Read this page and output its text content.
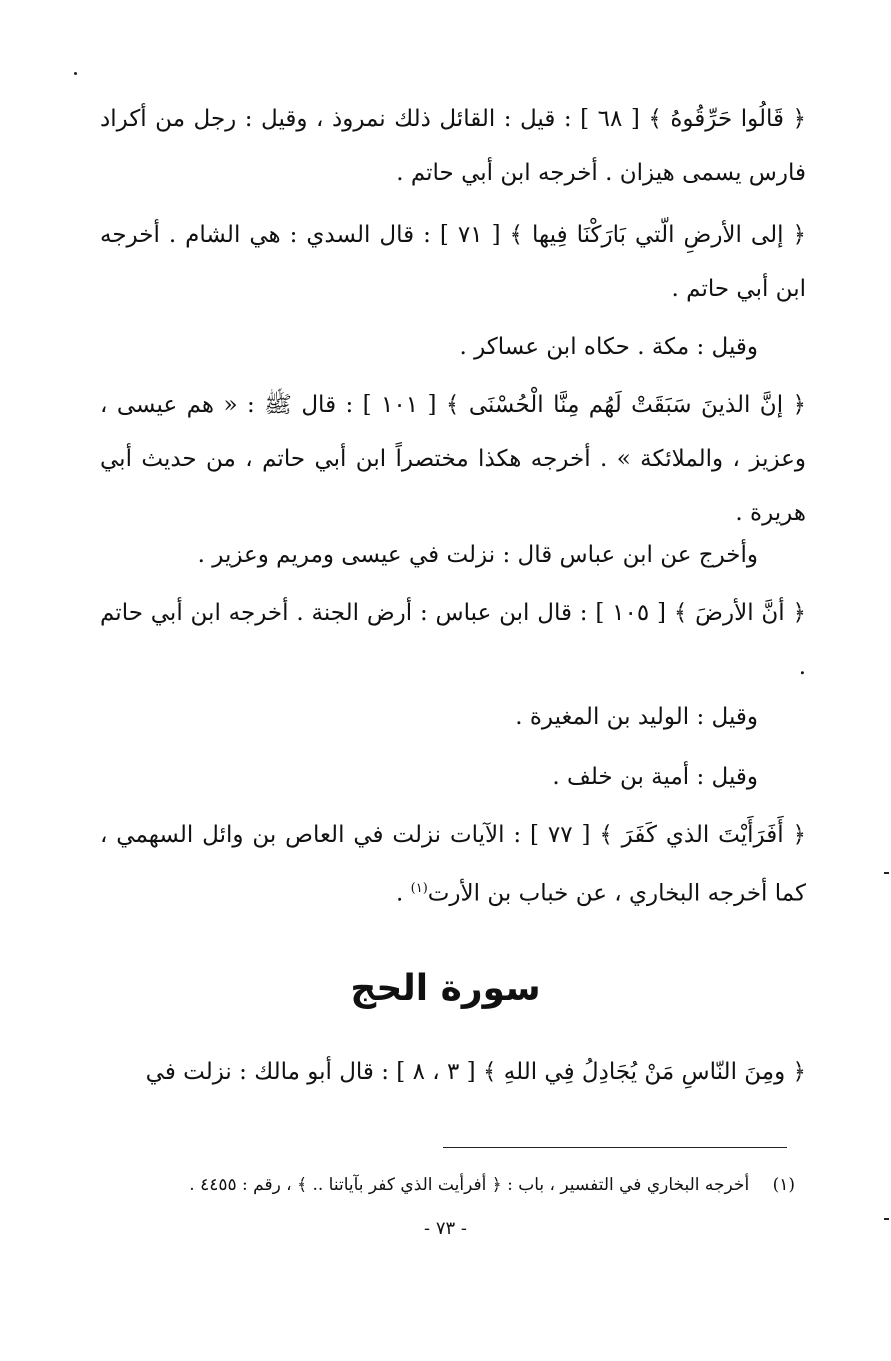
﴿ قَالُوا حَرِّقُوهُ ﴾ [ ٦٨ ] : قيل : القائل ذلك نمروذ ، وقيل : رجل من أكراد فارس يسمى هيزان . أخرجه ابن أبي حاتم .

﴿ إلى الأرضِ الّتي بَارَكْنَا فِيها ﴾ [ ٧١ ] : قال السدي : هي الشام . أخرجه ابن أبي حاتم .

وقيل : مكة . حكاه ابن عساكر .

﴿ إنَّ الذينَ سَبَقَتْ لَهُم مِنَّا الْحُسْنَى ﴾ [ ١٠١ ] : قال ﷺ : « هم عيسى ، وعزيز ، والملائكة » . أخرجه هكذا مختصراً ابن أبي حاتم ، من حديث أبي هريرة .

وأخرج عن ابن عباس قال : نزلت في عيسى ومريم وعزير .

﴿ أنَّ الأرضَ ﴾ [ ١٠٥ ] : قال ابن عباس : أرض الجنة . أخرجه ابن أبي حاتم .

وقيل : الوليد بن المغيرة .

وقيل : أمية بن خلف .

﴿ أَفَرَأَيْتَ الذي كَفَرَ ﴾ [ ٧٧ ] : الآيات نزلت في العاص بن وائل السهمي ، كما أخرجه البخاري ، عن خباب بن الأرت$^{(١)}$ .

سورة الحج

﴿ ومِنَ النّاسِ مَنْ يُجَادِلُ فِي اللهِ ﴾ [ ٣ ، ٨ ] : قال أبو مالك : نزلت في

(١) أخرجه البخاري في التفسير ، باب : ﴿ أفرأيت الذي كفر بآياتنا .. ﴾ ، رقم : ٤٤٥٥ .
- ٧٣ -
